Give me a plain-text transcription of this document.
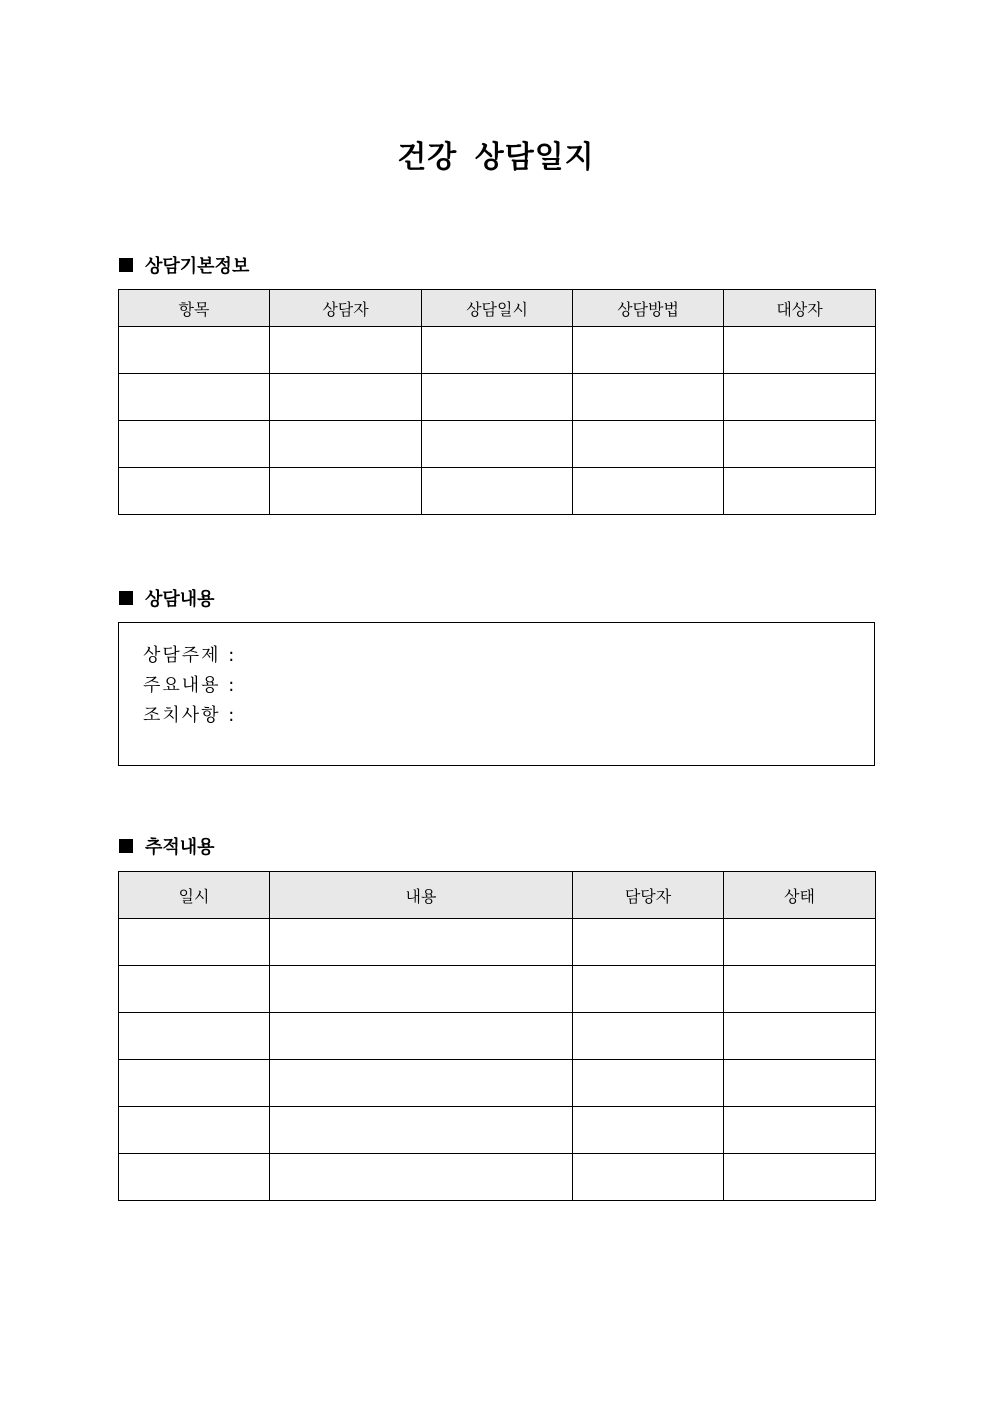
건강 상담일지
상담기본정보
항목	상담자	상담일시	상담방법	대상자

상담내용
상담주제 :
주요내용 :
조치사항 :
추적내용
일시	내용	담당자	상태
